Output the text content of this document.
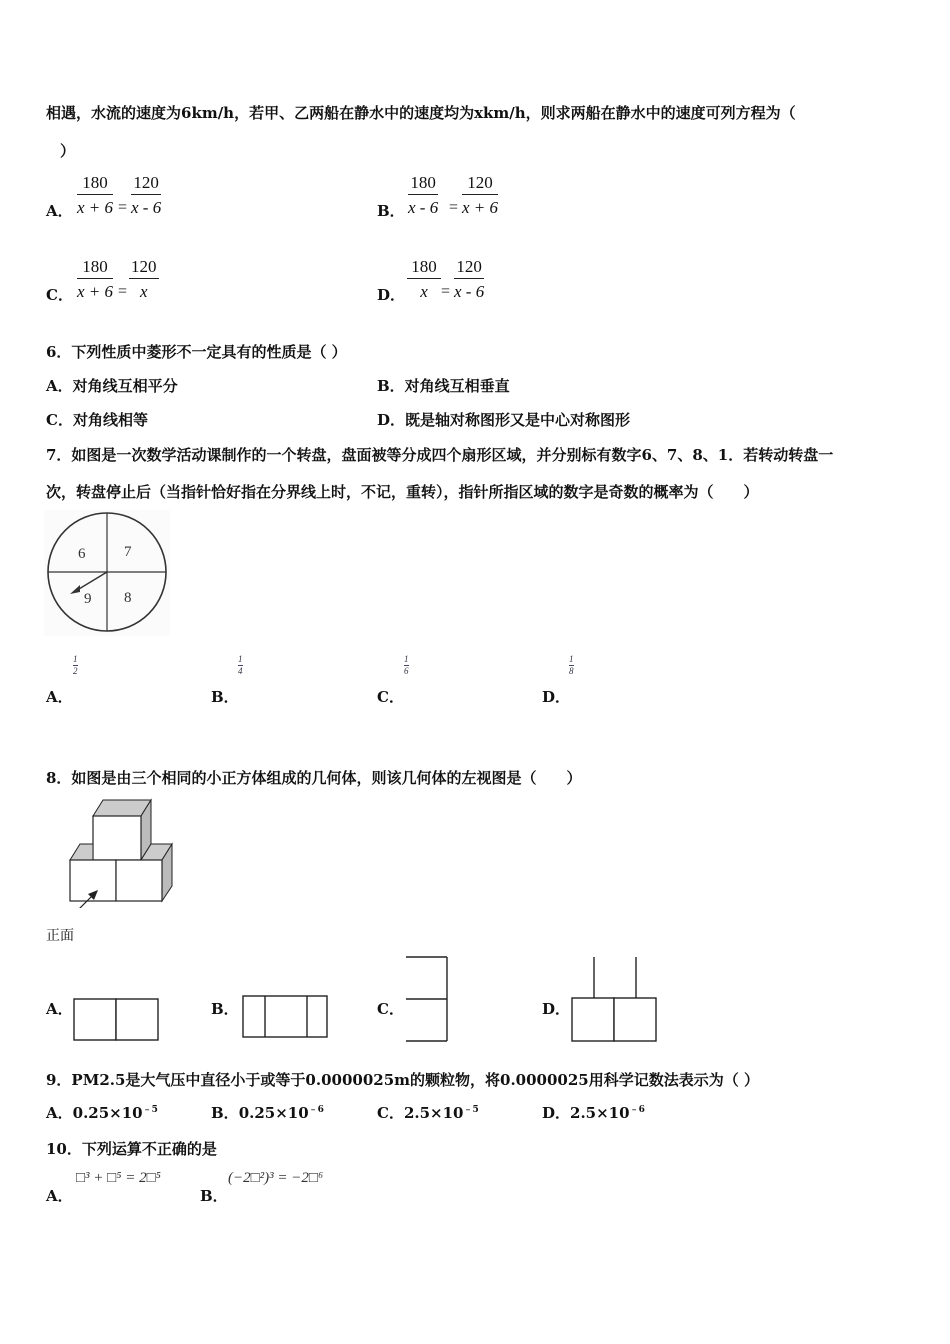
相遇，水流的速度为6km/h，若甲、乙两船在静水中的速度均为xkm/h，则求两船在静水中的速度可列方程为（
）
A． $\frac{180}{x + 6} = \frac{120}{x - 6}$	B． $\frac{180}{x - 6} = \frac{120}{x + 6}$
C． $\frac{180}{x + 6} = \frac{120}{x}$	D． $\frac{180}{x} = \frac{120}{x - 6}$
6．下列性质中菱形不一定具有的性质是（ ）
A．对角线互相平分	B．对角线互相垂直
C．对角线相等	D．既是轴对称图形又是中心对称图形
7．如图是一次数学活动课制作的一个转盘，盘面被等分成四个扇形区域，并分别标有数字6、7、8、1．若转动转盘一
次，转盘停止后（当指针恰好指在分界线上时，不记，重转），指针所指区域的数字是奇数的概率为（　　）
6	7
9 8
A．
$\frac{1}{2}$
B．
$\frac{1}{4}$
C．
$\frac{1}{6}$
D．
$\frac{1}{8}$
8．如图是由三个相同的小正方体组成的几何体，则该几何体的左视图是（　　）
正面
A．	B．	C．	D．
9．PM2.5是大气压中直径小于或等于0.0000025m的颗粒物，将0.0000025用科学记数法表示为（ ）
A．$0.25\times 10^{﹣5}$	B．$0.25\times 10^{﹣6}$	C．$2.5\times 10^{﹣5}$	D．$2.5\times 10^{﹣6}$
10．下列运算不正确的是
A．
□³ + □⁵ = 2□⁵
B．
(−2□²)³ = −2□⁶
